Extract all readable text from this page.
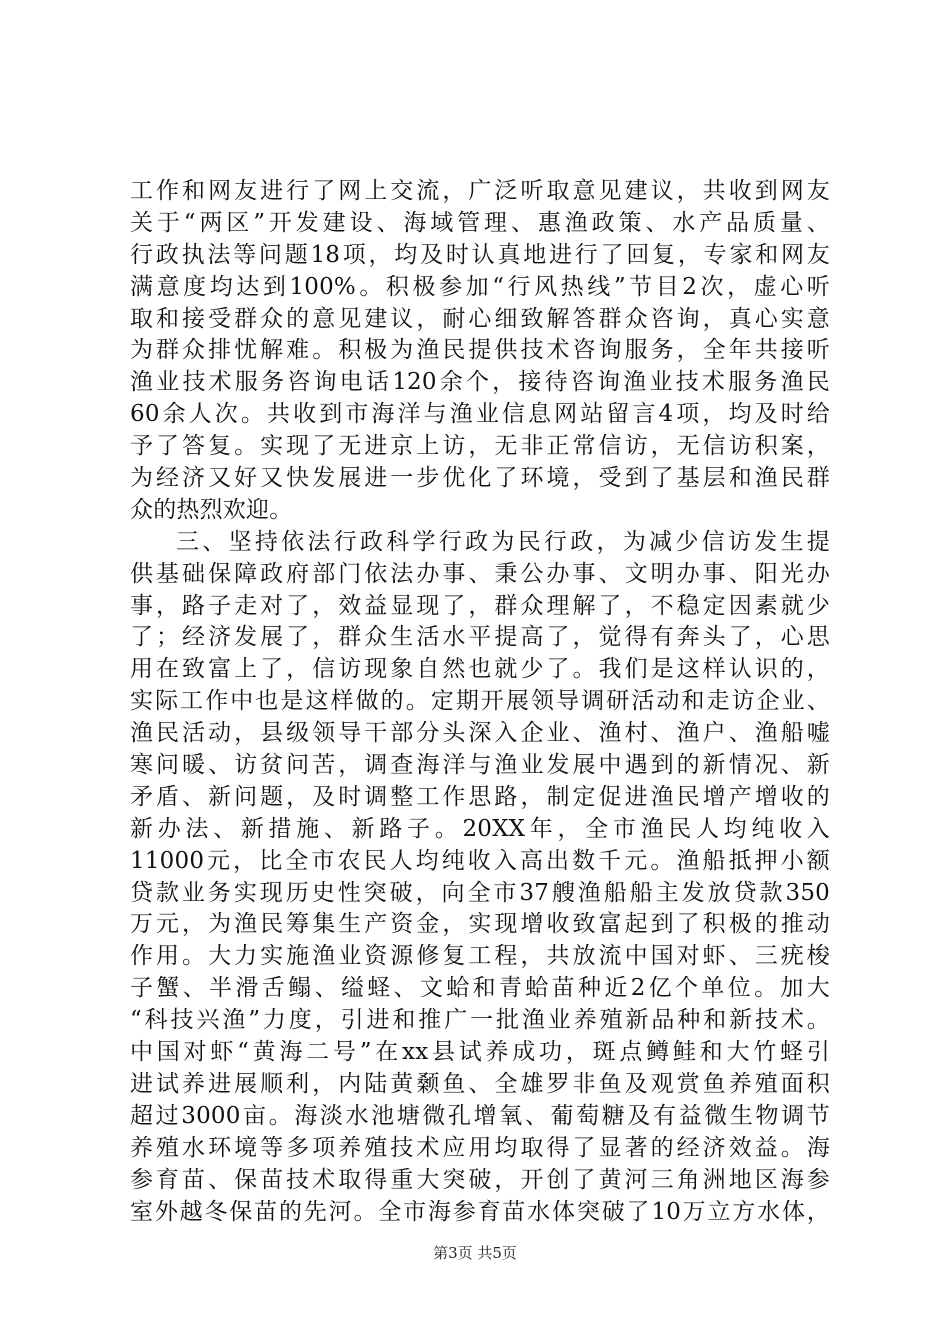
工作和网友进行了网上交流，广泛听取意见建议，共收到网友
关于“两区”开发建设、海域管理、惠渔政策、水产品质量、
行政执法等问题18项，均及时认真地进行了回复，专家和网友
满意度均达到100%。积极参加“行风热线”节目2次，虚心听
取和接受群众的意见建议，耐心细致解答群众咨询，真心实意
为群众排忧解难。积极为渔民提供技术咨询服务，全年共接听
渔业技术服务咨询电话120余个，接待咨询渔业技术服务渔民
60余人次。共收到市海洋与渔业信息网站留言4项，均及时给
予了答复。实现了无进京上访，无非正常信访，无信访积案，
为经济又好又快发展进一步优化了环境，受到了基层和渔民群
众的热烈欢迎。
三、坚持依法行政科学行政为民行政，为减少信访发生提
供基础保障政府部门依法办事、秉公办事、文明办事、阳光办
事，路子走对了，效益显现了，群众理解了，不稳定因素就少
了；经济发展了，群众生活水平提高了，觉得有奔头了，心思
用在致富上了，信访现象自然也就少了。我们是这样认识的，
实际工作中也是这样做的。定期开展领导调研活动和走访企业、
渔民活动，县级领导干部分头深入企业、渔村、渔户、渔船嘘
寒问暖、访贫问苦，调查海洋与渔业发展中遇到的新情况、新
矛盾、新问题，及时调整工作思路，制定促进渔民增产增收的
新办法、新措施、新路子。20XX年，全市渔民人均纯收入
11000元，比全市农民人均纯收入高出数千元。渔船抵押小额
贷款业务实现历史性突破，向全市37艘渔船船主发放贷款350
万元，为渔民筹集生产资金，实现增收致富起到了积极的推动
作用。大力实施渔业资源修复工程，共放流中国对虾、三疣梭
子蟹、半滑舌鳎、缢蛏、文蛤和青蛤苗种近2亿个单位。加大
“科技兴渔”力度，引进和推广一批渔业养殖新品种和新技术。
中国对虾“黄海二号”在xx县试养成功，斑点鳟鲑和大竹蛏引
进试养进展顺利，内陆黄颡鱼、全雄罗非鱼及观赏鱼养殖面积
超过3000亩。海淡水池塘微孔增氧、葡萄糖及有益微生物调节
养殖水环境等多项养殖技术应用均取得了显著的经济效益。海
参育苗、保苗技术取得重大突破，开创了黄河三角洲地区海参
室外越冬保苗的先河。全市海参育苗水体突破了10万立方水体，
第3页 共5页
